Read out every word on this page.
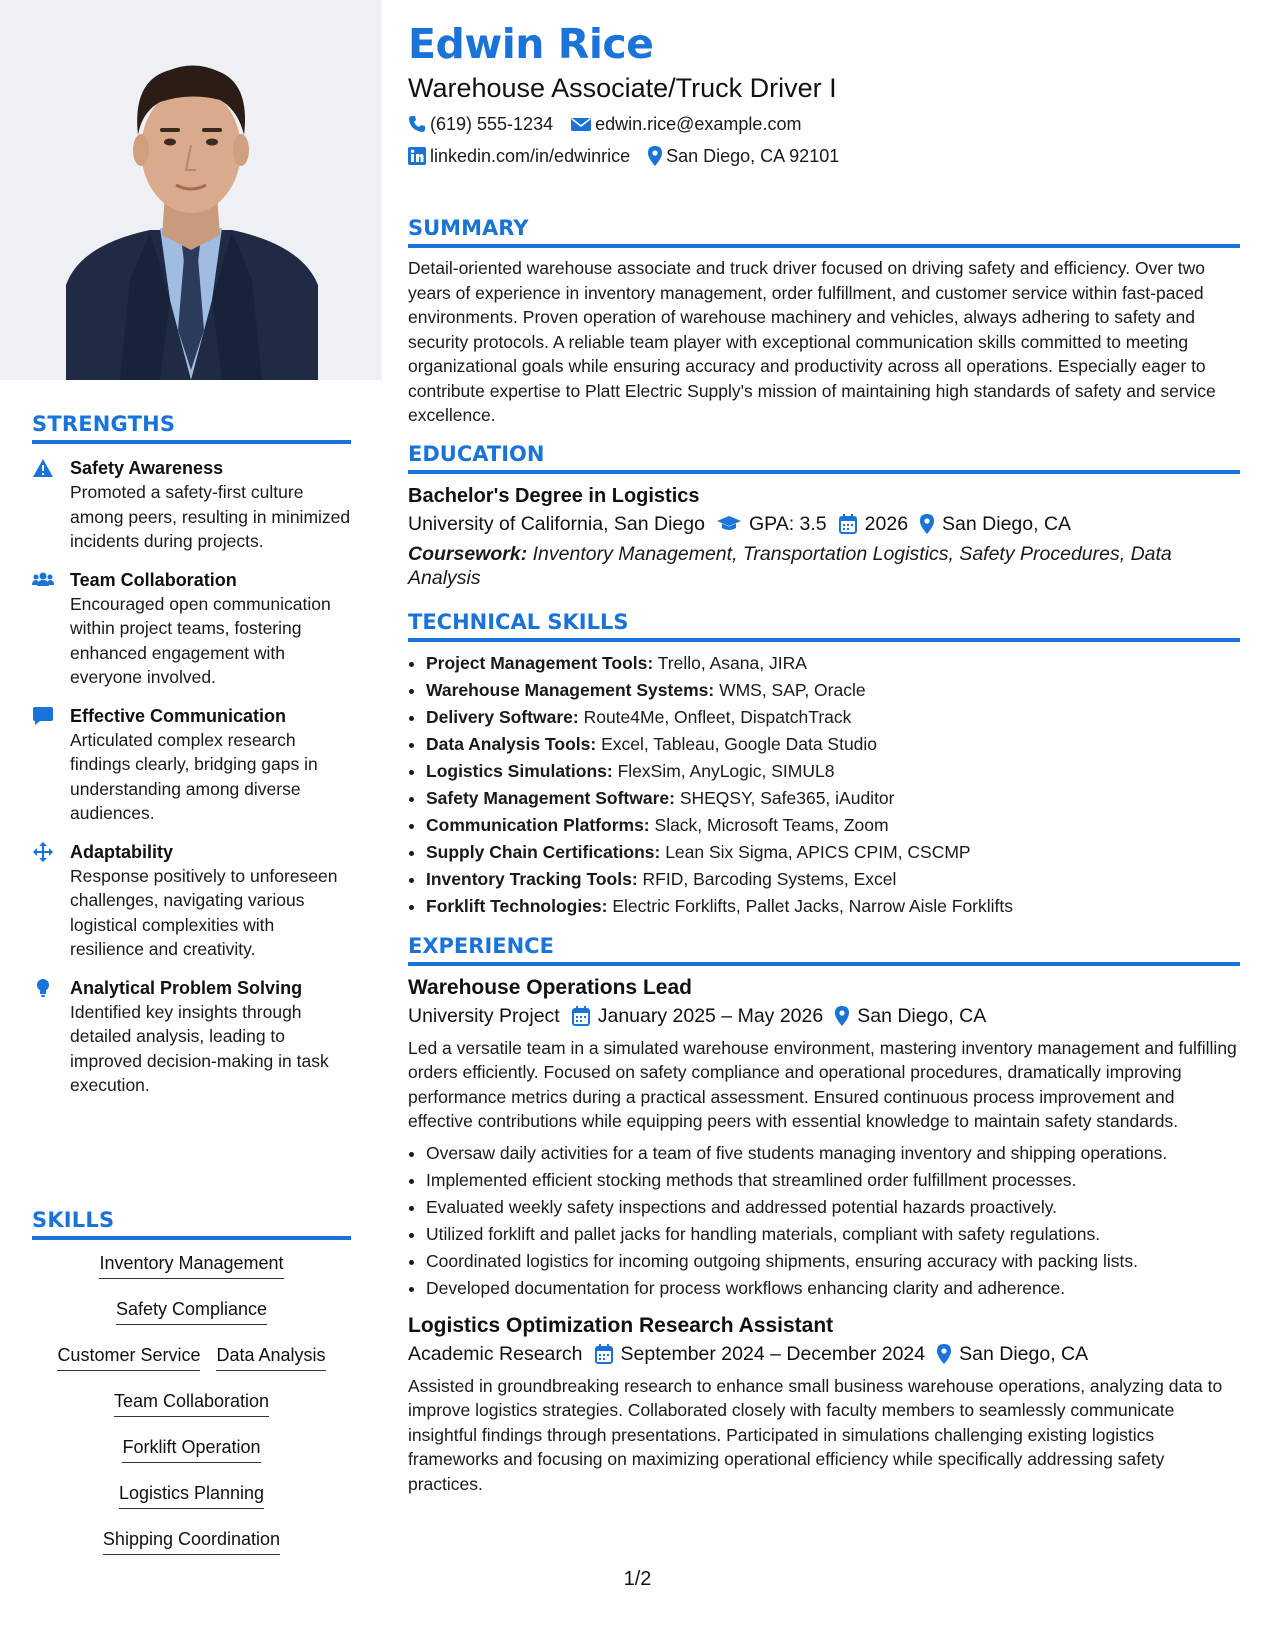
STRENGTHS
Safety Awareness
Promoted a safety-first culture among peers, resulting in minimized incidents during projects.
Team Collaboration
Encouraged open communication within project teams, fostering enhanced engagement with everyone involved.
Effective Communication
Articulated complex research findings clearly, bridging gaps in understanding among diverse audiences.
Adaptability
Response positively to unforeseen challenges, navigating various logistical complexities with resilience and creativity.
Analytical Problem Solving
Identified key insights through detailed analysis, leading to improved decision-making in task execution.
SKILLS
Inventory Management
Safety Compliance
Customer Service Data Analysis
Team Collaboration
Forklift Operation
Logistics Planning
Shipping Coordination
Edwin Rice
Warehouse Associate/Truck Driver I
(619) 555-1234 edwin.rice@example.com
linkedin.com/in/edwinrice San Diego, CA 92101
SUMMARY
Detail-oriented warehouse associate and truck driver focused on driving safety and efficiency. Over two years of experience in inventory management, order fulfillment, and customer service within fast-paced environments. Proven operation of warehouse machinery and vehicles, always adhering to safety and security protocols. A reliable team player with exceptional communication skills committed to meeting organizational goals while ensuring accuracy and productivity across all operations. Especially eager to contribute expertise to Platt Electric Supply's mission of maintaining high standards of safety and service excellence.
EDUCATION
Bachelor's Degree in Logistics
University of California, San Diego GPA: 3.5 2026 San Diego, CA
Coursework: Inventory Management, Transportation Logistics, Safety Procedures, Data Analysis
TECHNICAL SKILLS
• Project Management Tools: Trello, Asana, JIRA
• Warehouse Management Systems: WMS, SAP, Oracle
• Delivery Software: Route4Me, Onfleet, DispatchTrack
• Data Analysis Tools: Excel, Tableau, Google Data Studio
• Logistics Simulations: FlexSim, AnyLogic, SIMUL8
• Safety Management Software: SHEQSY, Safe365, iAuditor
• Communication Platforms: Slack, Microsoft Teams, Zoom
• Supply Chain Certifications: Lean Six Sigma, APICS CPIM, CSCMP
• Inventory Tracking Tools: RFID, Barcoding Systems, Excel
• Forklift Technologies: Electric Forklifts, Pallet Jacks, Narrow Aisle Forklifts
EXPERIENCE
Warehouse Operations Lead
University Project January 2025 – May 2026 San Diego, CA
Led a versatile team in a simulated warehouse environment, mastering inventory management and fulfilling orders efficiently. Focused on safety compliance and operational procedures, dramatically improving performance metrics during a practical assessment. Ensured continuous process improvement and effective contributions while equipping peers with essential knowledge to maintain safety standards.
• Oversaw daily activities for a team of five students managing inventory and shipping operations.
• Implemented efficient stocking methods that streamlined order fulfillment processes.
• Evaluated weekly safety inspections and addressed potential hazards proactively.
• Utilized forklift and pallet jacks for handling materials, compliant with safety regulations.
• Coordinated logistics for incoming outgoing shipments, ensuring accuracy with packing lists.
• Developed documentation for process workflows enhancing clarity and adherence.
Logistics Optimization Research Assistant
Academic Research September 2024 – December 2024 San Diego, CA
Assisted in groundbreaking research to enhance small business warehouse operations, analyzing data to improve logistics strategies. Collaborated closely with faculty members to seamlessly communicate insightful findings through presentations. Participated in simulations challenging existing logistics frameworks and focusing on maximizing operational efficiency while specifically addressing safety practices.
1/2
